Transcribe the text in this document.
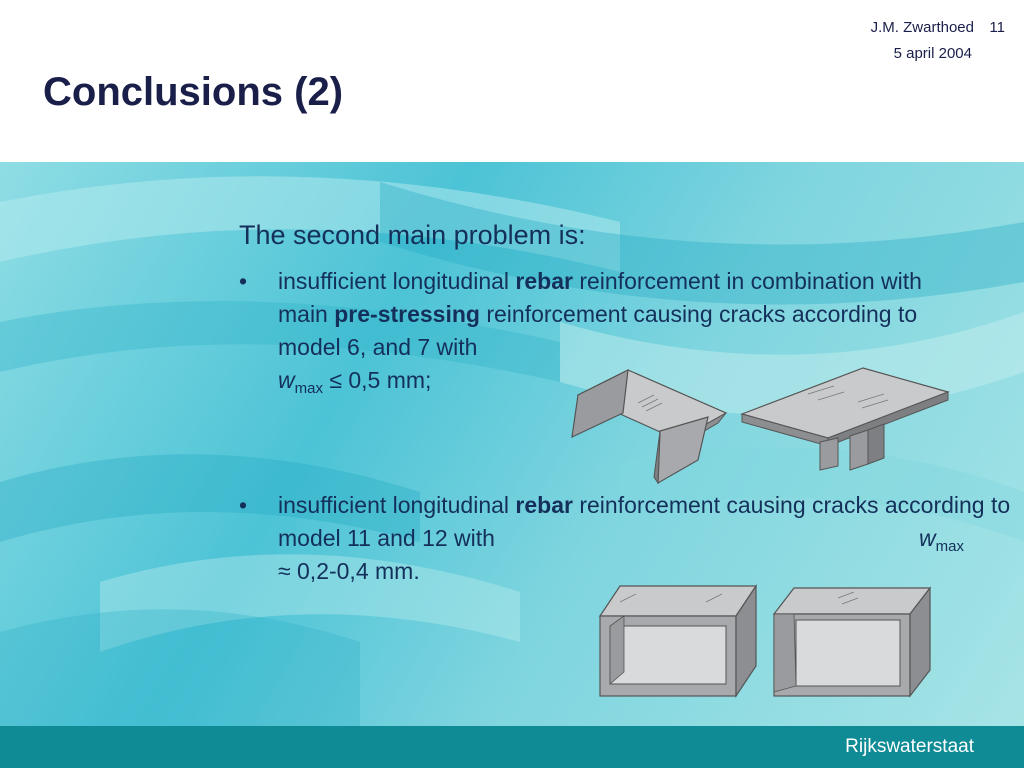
J.M. Zwarthoed 11
5 april 2004
Conclusions (2)
The second main problem is:
• insufficient longitudinal rebar reinforcement in combination with main pre-stressing reinforcement causing cracks according to model 6, and 7 with
$w_{max} \le 0,5$ mm;
• insufficient longitudinal rebar reinforcement causing cracks according to model 11 and 12 with	$w_{max}$

≈ 0,2-0,4 mm.
Rijkswaterstaat
